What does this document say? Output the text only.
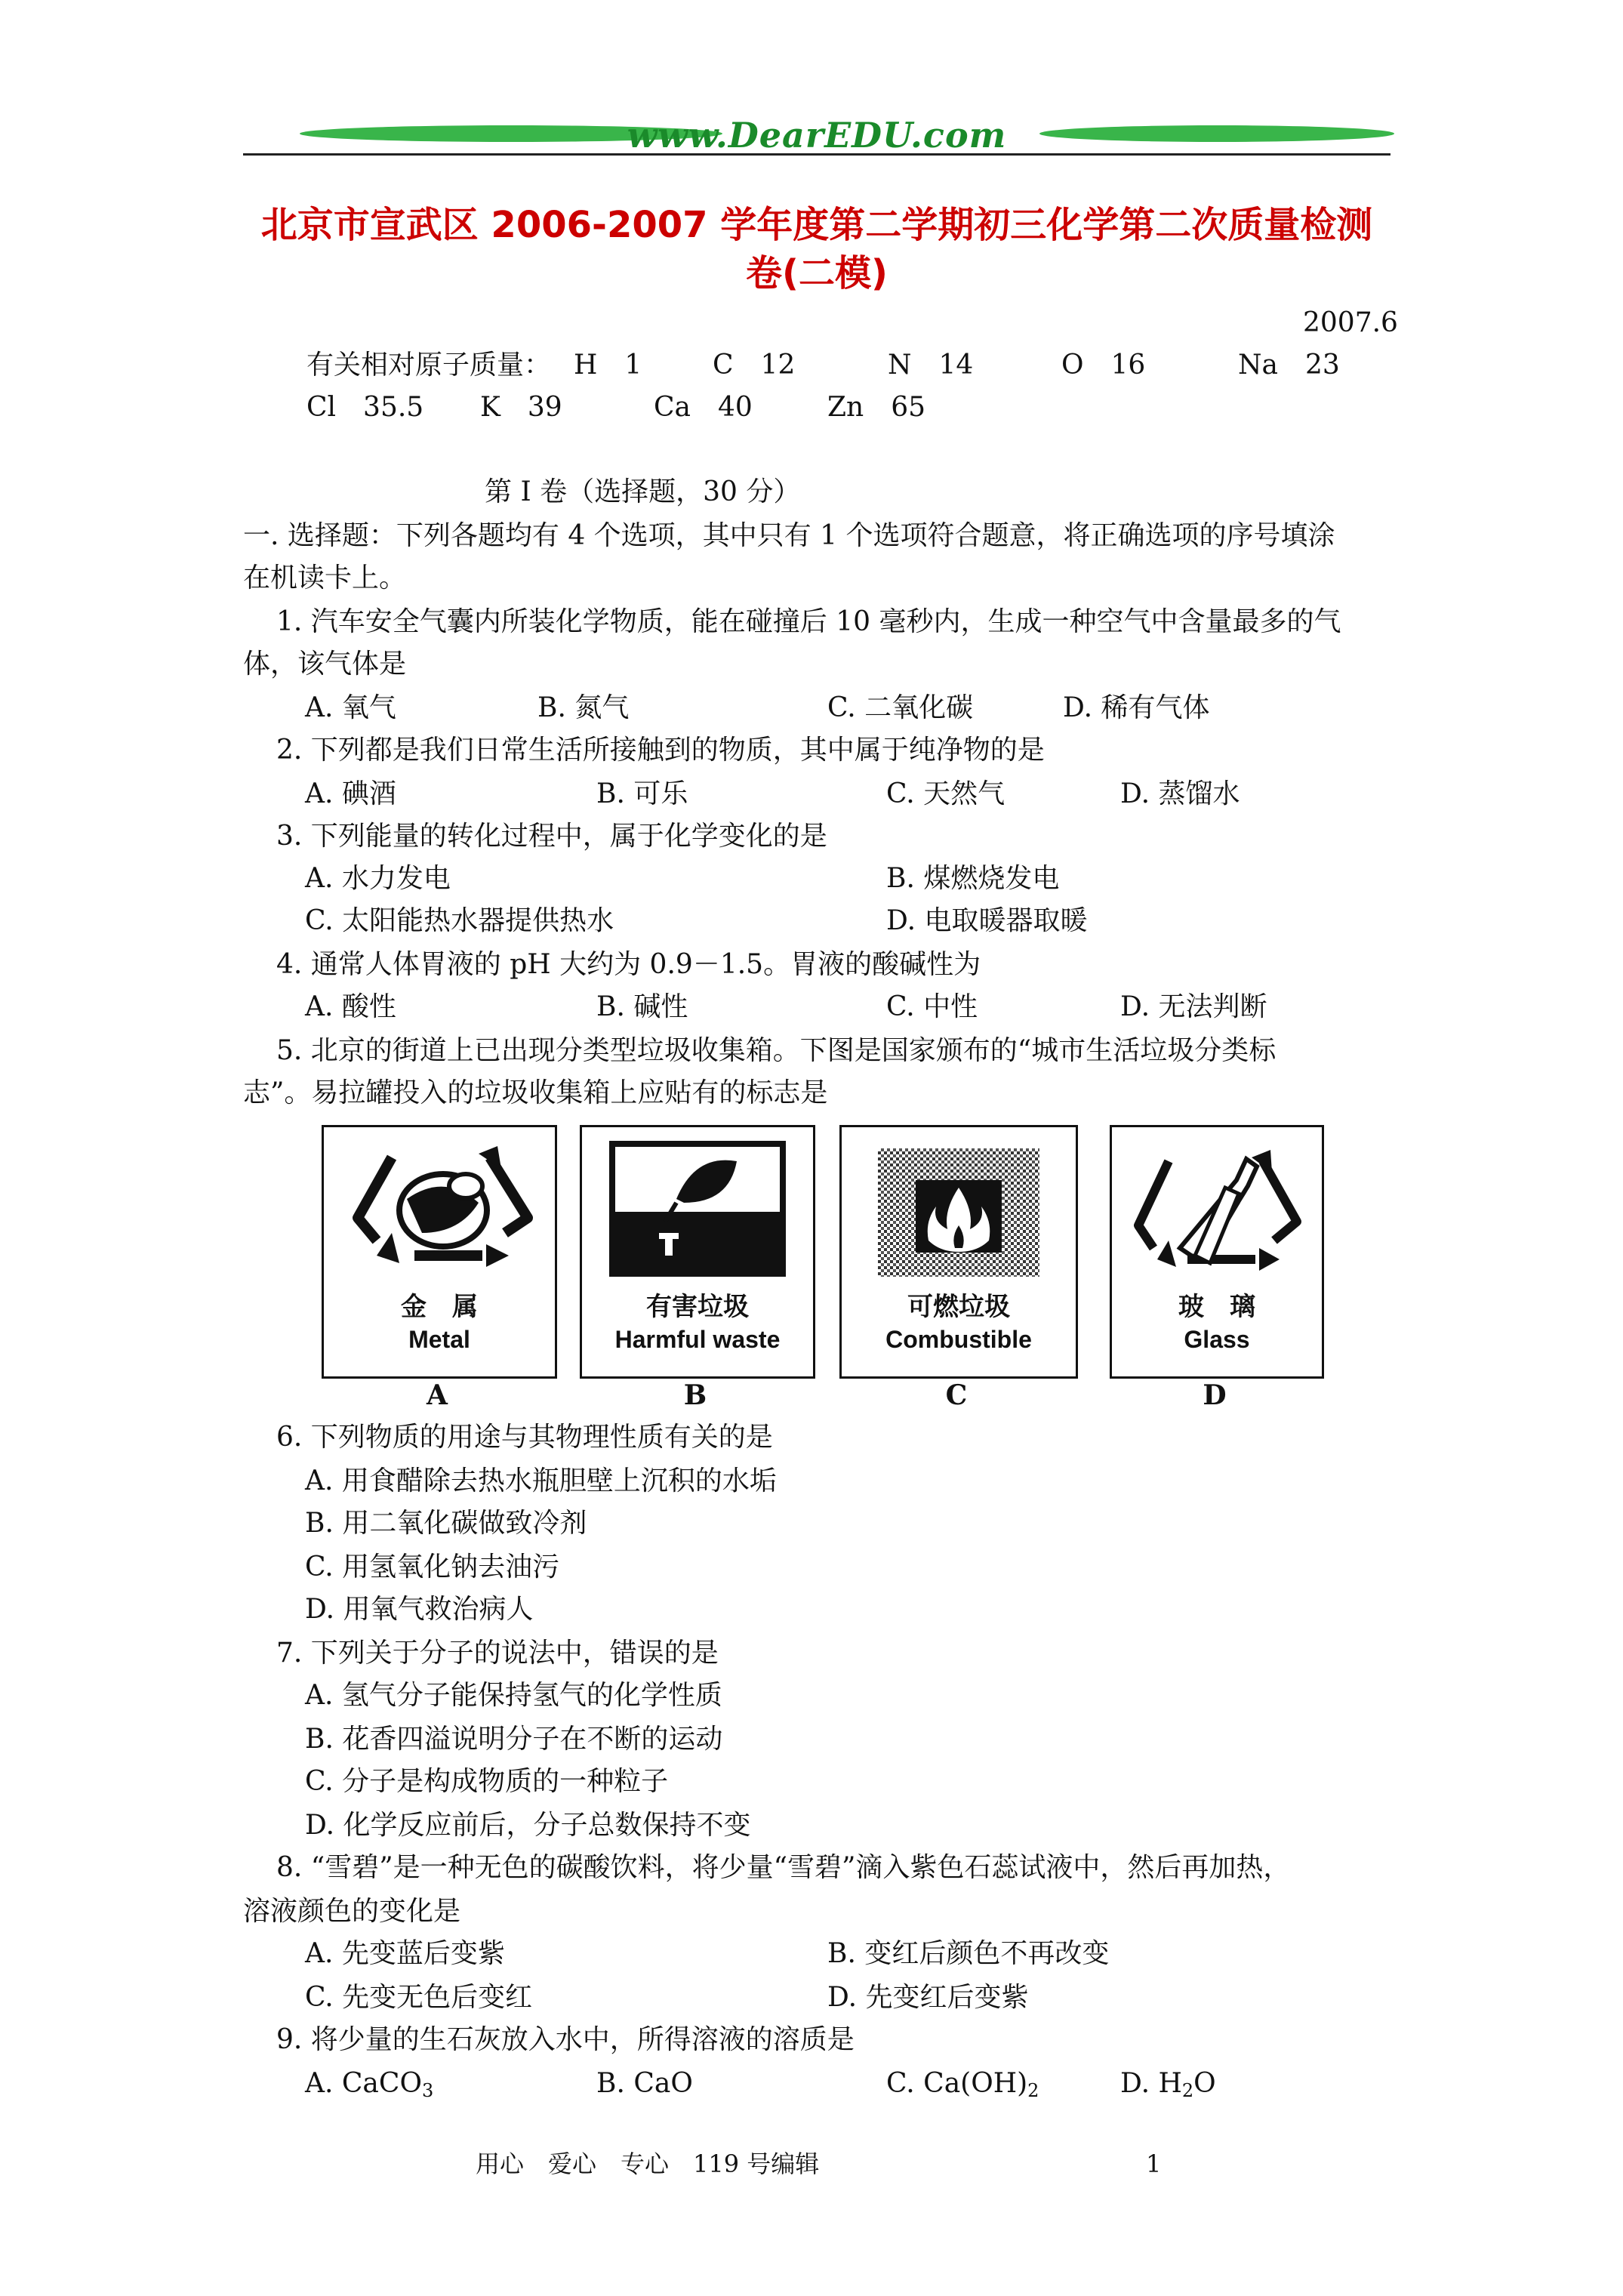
www.DearEDU.com
北京市宣武区 2006-2007 学年度第二学期初三化学第二次质量检测
卷(二模)
2007.6
有关相对原子质量： H　1	C　12	N　14	O　16	Na　23
Cl　35.5 K　39	Ca　40	Zn　65
第 I 卷（选择题，30 分）
一. 选择题：下列各题均有 4 个选项，其中只有 1 个选项符合题意，将正确选项的序号填涂
在机读卡上。
1. 汽车安全气囊内所装化学物质，能在碰撞后 10 毫秒内，生成一种空气中含量最多的气
体，该气体是
A. 氧气	B. 氮气	C. 二氧化碳	D. 稀有气体
2. 下列都是我们日常生活所接触到的物质，其中属于纯净物的是
A. 碘酒	B. 可乐	C. 天然气	D. 蒸馏水
3. 下列能量的转化过程中，属于化学变化的是
A. 水力发电	B. 煤燃烧发电
C. 太阳能热水器提供热水	D. 电取暖器取暖
4. 通常人体胃液的 pH 大约为 0.9－1.5。胃液的酸碱性为
A. 酸性	B. 碱性	C. 中性	D. 无法判断
5. 北京的街道上已出现分类型垃圾收集箱。下图是国家颁布的“城市生活垃圾分类标
志”。易拉罐投入的垃圾收集箱上应贴有的标志是
金　属
Metal
有害垃圾
Harmful waste
可燃垃圾
Combustible
玻　璃
Glass
A	B	C	D
6. 下列物质的用途与其物理性质有关的是
A. 用食醋除去热水瓶胆壁上沉积的水垢
B. 用二氧化碳做致冷剂
C. 用氢氧化钠去油污
D. 用氧气救治病人
7. 下列关于分子的说法中，错误的是
A. 氢气分子能保持氢气的化学性质
B. 花香四溢说明分子在不断的运动
C. 分子是构成物质的一种粒子
D. 化学反应前后，分子总数保持不变
8. “雪碧”是一种无色的碳酸饮料，将少量“雪碧”滴入紫色石蕊试液中，然后再加热，
溶液颜色的变化是
A. 先变蓝后变紫	B. 变红后颜色不再改变
C. 先变无色后变红	D. 先变红后变紫
9. 将少量的生石灰放入水中，所得溶液的溶质是
A. CaCO$_3$	B. CaO	C. $Ca(OH)_2$	D. $H_2O$
用心　爱心　专心　119 号编辑	1
